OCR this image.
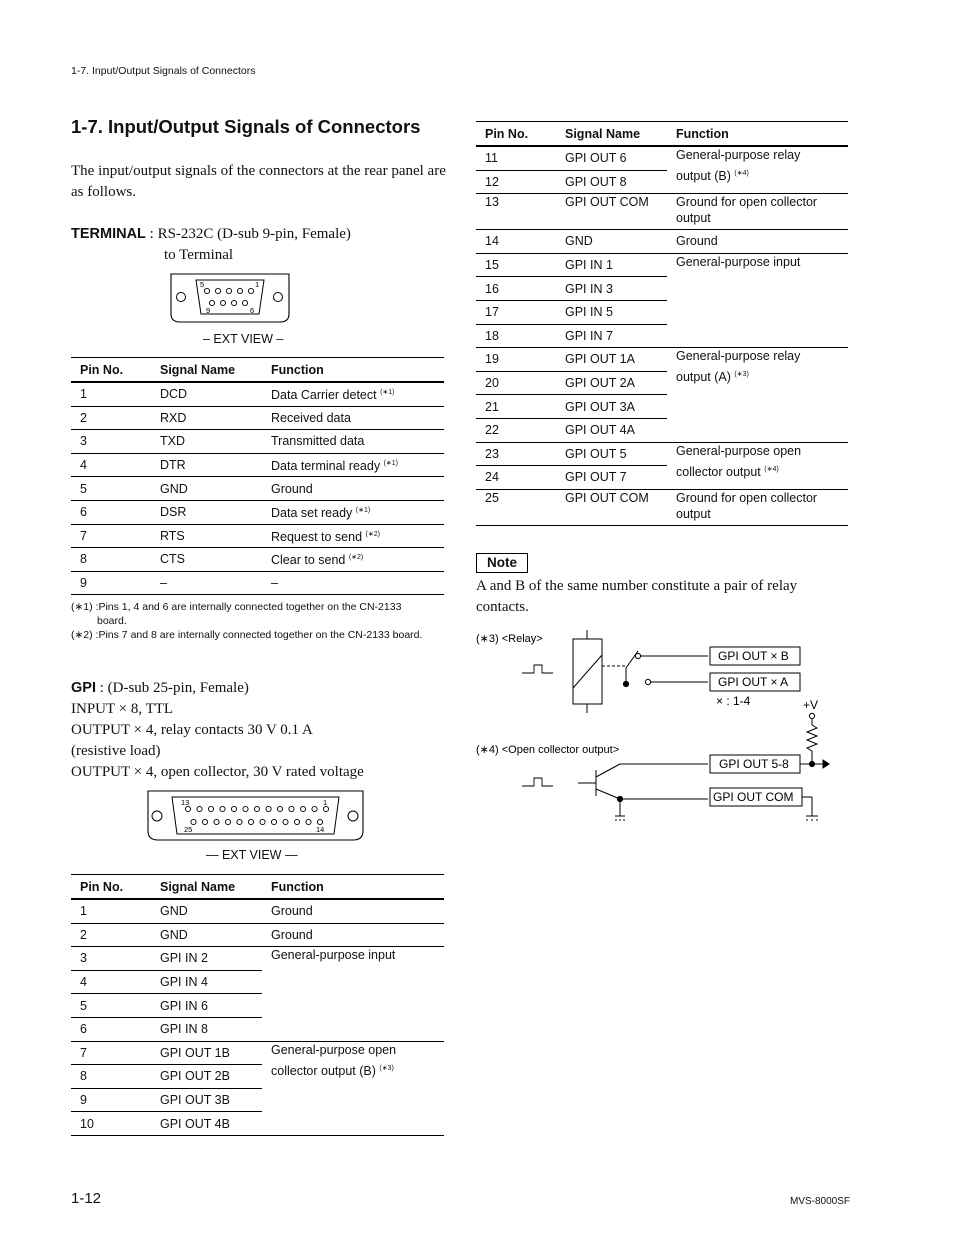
1-7. Input/Output Signals of Connectors
1-7. Input/Output Signals of Connectors
The input/output signals of the connectors at the rear panel are as follows.
TERMINAL : RS-232C (D-sub 9-pin, Female)
to Terminal
5	1
9	6
– EXT VIEW –
Pin No.	Signal Name	Function
1	DCD	Data Carrier detect $^{(∗1)}$
2	RXD	Received data
3	TXD	Transmitted data
4	DTR	Data terminal ready $^{(∗1)}$
5	GND	Ground
6	DSR	Data set ready $^{(∗1)}$
7	RTS	Request to send $^{(∗2)}$
8	CTS	Clear to send $^{(∗2)}$
9	–	–
(∗1) :Pins 1, 4 and 6 are internally connected together on the CN-2133
board.
(∗2) :Pins 7 and 8 are internally connected together on the CN-2133 board.
GPI : (D-sub 25-pin, Female)
INPUT × 8, TTL
OUTPUT × 4, relay contacts 30 V 0.1 A
(resistive load)
OUTPUT × 4, open collector, 30 V rated voltage
13	1
25	14
— EXT VIEW —
Pin No.	Signal Name	Function
1	GND	Ground
2	GND	Ground
3	GPI IN 2	General-purpose input
4	GPI IN 4	
5	GPI IN 6	
6	GPI IN 8	
7	GPI OUT 1B	General-purpose open
collector output (B) $^{(∗3)}$
8	GPI OUT 2B	
9	GPI OUT 3B	
10	GPI OUT 4B	
Pin No.	Signal Name	Function
11	GPI OUT 6	General-purpose relay
output (B) $^{(∗4)}$
12	GPI OUT 8	
13	GPI OUT COM	Ground for open collector
output

14	GND	Ground
15	GPI IN 1	General-purpose input
16	GPI IN 3	
17	GPI IN 5	
18	GPI IN 7	
19	GPI OUT 1A	General-purpose relay
output (A) $^{(∗3)}$
20	GPI OUT 2A	
21	GPI OUT 3A	
22	GPI OUT 4A	
23	GPI OUT 5	General-purpose open
collector output $^{(∗4)}$
24	GPI OUT 7	
25	GPI OUT COM	Ground for open collector
output
Note
A and B of the same number constitute a pair of relay contacts.
(∗3) <Relay>
GPI OUT × B
GPI OUT × A
× : 1-4	+V
(∗4) <Open collector output>
GPI OUT 5-8
GPI OUT COM
1-12	MVS-8000SF
